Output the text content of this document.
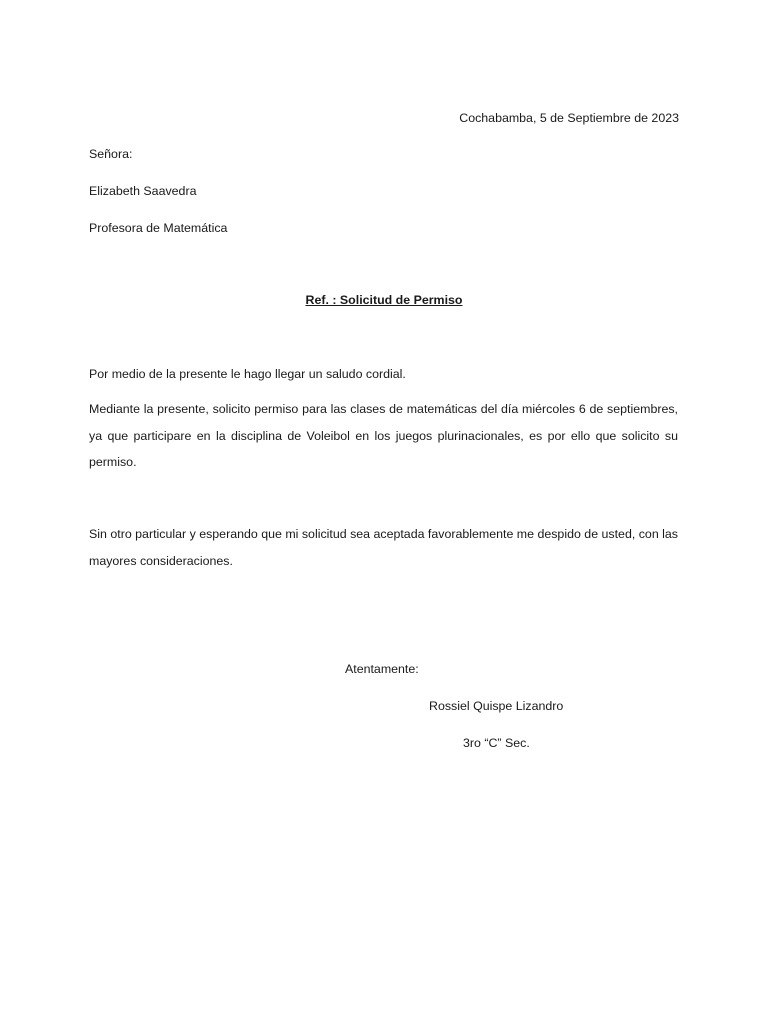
Cochabamba, 5 de Septiembre de 2023
Señora:
Elizabeth Saavedra
Profesora de Matemática
Ref. : Solicitud de Permiso
Por medio de la presente le hago llegar un saludo cordial.
Mediante la presente, solicito permiso para las clases de matemáticas del día miércoles 6 de septiembres, ya que participare en la disciplina de Voleibol en los juegos plurinacionales, es por ello que solicito su permiso.
Sin otro particular y esperando que mi solicitud sea aceptada favorablemente me despido de usted, con las mayores consideraciones.
Atentamente:
Rossiel Quispe Lizandro
3ro “C” Sec.
